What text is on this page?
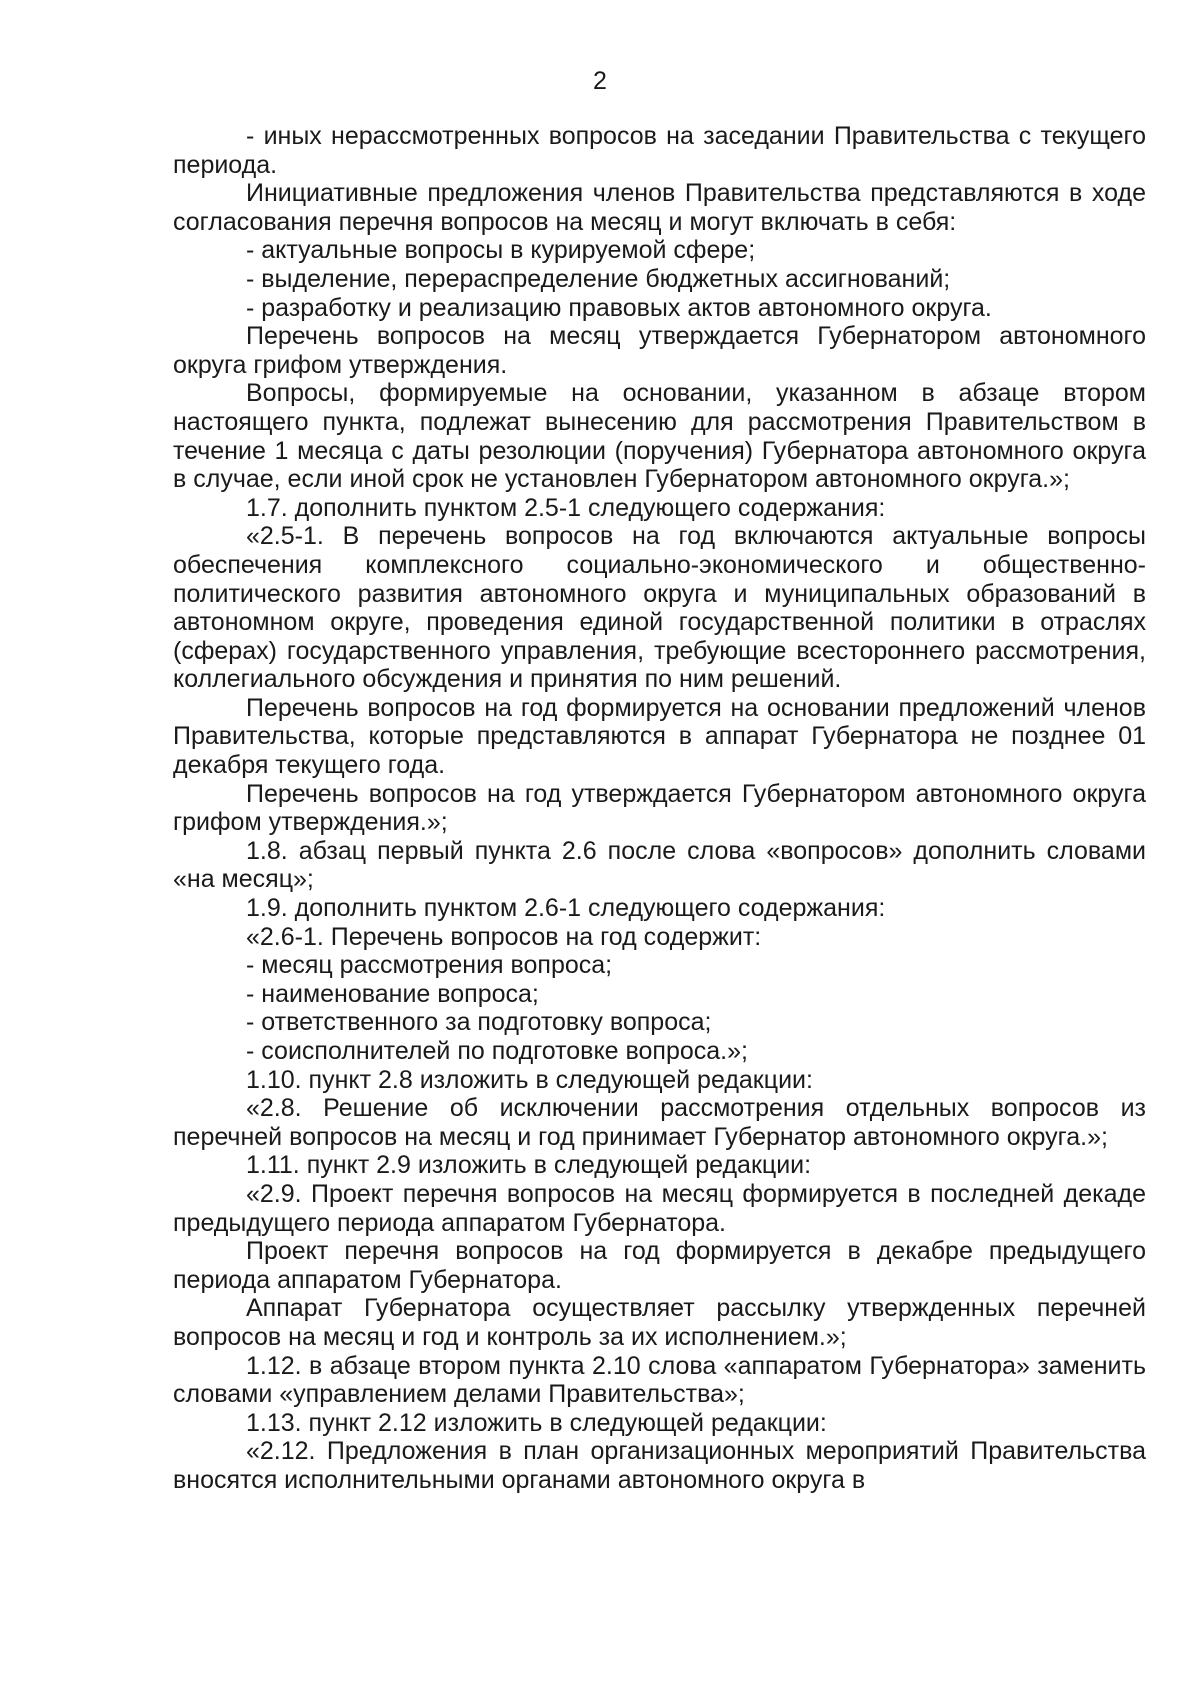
2

- иных нерассмотренных вопросов на заседании Правительства с текущего периода.

Инициативные предложения членов Правительства представляются в ходе согласования перечня вопросов на месяц и могут включать в себя:

- актуальные вопросы в курируемой сфере;

- выделение, перераспределение бюджетных ассигнований;

- разработку и реализацию правовых актов автономного округа.

Перечень вопросов на месяц утверждается Губернатором автономного округа грифом утверждения.

Вопросы, формируемые на основании, указанном в абзаце втором настоящего пункта, подлежат вынесению для рассмотрения Правительством в течение 1 месяца с даты резолюции (поручения) Губернатора автономного округа в случае, если иной срок не установлен Губернатором автономного округа.»;

1.7. дополнить пунктом 2.5-1 следующего содержания:

«2.5-1. В перечень вопросов на год включаются актуальные вопросы обеспечения комплексного социально-экономического и общественно-политического развития автономного округа и муниципальных образований в автономном округе, проведения единой государственной политики в отраслях (сферах) государственного управления, требующие всестороннего рассмотрения, коллегиального обсуждения и принятия по ним решений.

Перечень вопросов на год формируется на основании предложений членов Правительства, которые представляются в аппарат Губернатора не позднее 01 декабря текущего года.

Перечень вопросов на год утверждается Губернатором автономного округа грифом утверждения.»;

1.8. абзац первый пункта 2.6 после слова «вопросов» дополнить словами «на месяц»;

1.9. дополнить пунктом 2.6-1 следующего содержания:

«2.6-1. Перечень вопросов на год содержит:

- месяц рассмотрения вопроса;

- наименование вопроса;

- ответственного за подготовку вопроса;

- соисполнителей по подготовке вопроса.»;

1.10. пункт 2.8 изложить в следующей редакции:

«2.8. Решение об исключении рассмотрения отдельных вопросов из перечней вопросов на месяц и год принимает Губернатор автономного округа.»;

1.11. пункт 2.9 изложить в следующей редакции:

«2.9. Проект перечня вопросов на месяц формируется в последней декаде предыдущего периода аппаратом Губернатора.

Проект перечня вопросов на год формируется в декабре предыдущего периода аппаратом Губернатора.

Аппарат Губернатора осуществляет рассылку утвержденных перечней вопросов на месяц и год и контроль за их исполнением.»;

1.12. в абзаце втором пункта 2.10 слова «аппаратом Губернатора» заменить словами «управлением делами Правительства»;

1.13. пункт 2.12 изложить в следующей редакции:

«2.12. Предложения в план организационных мероприятий Правительства вносятся исполнительными органами автономного округа в
